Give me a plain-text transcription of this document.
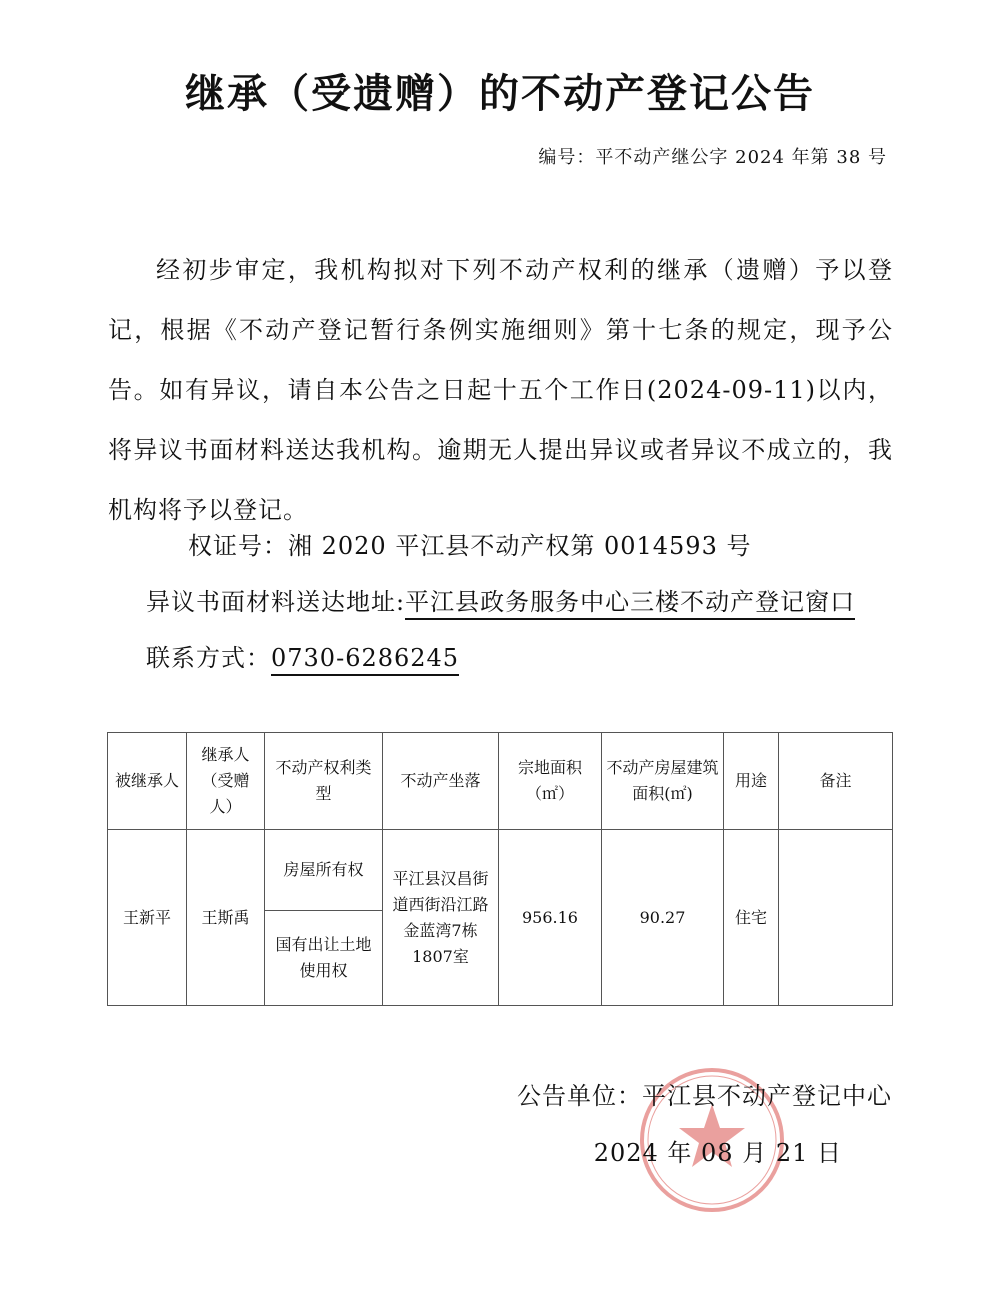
继承（受遗赠）的不动产登记公告
编号：平不动产继公字 2024 年第 38 号
经初步审定，我机构拟对下列不动产权利的继承（遗赠）予以登记，根据《不动产登记暂行条例实施细则》第十七条的规定，现予公告。如有异议，请自本公告之日起十五个工作日(2024-09-11)以内，将异议书面材料送达我机构。逾期无人提出异议或者异议不成立的，我机构将予以登记。
权证号：湘 2020 平江县不动产权第 0014593 号
异议书面材料送达地址:平江县政务服务中心三楼不动产登记窗口
联系方式：0730-6286245
被继承人	继承人（受赠人）	不动产权利类　型	不动产坐落	宗地面积（㎡）	不动产房屋建筑面积(㎡)	用途	备注
王新平	王斯禹	房屋所有权	平江县汉昌街道西街沿江路金蓝湾7栋1807室	956.16	90.27	住宅	
		国有出让土地使用权					
公告单位：平江县不动产登记中心
2024 年 08 月 21 日
